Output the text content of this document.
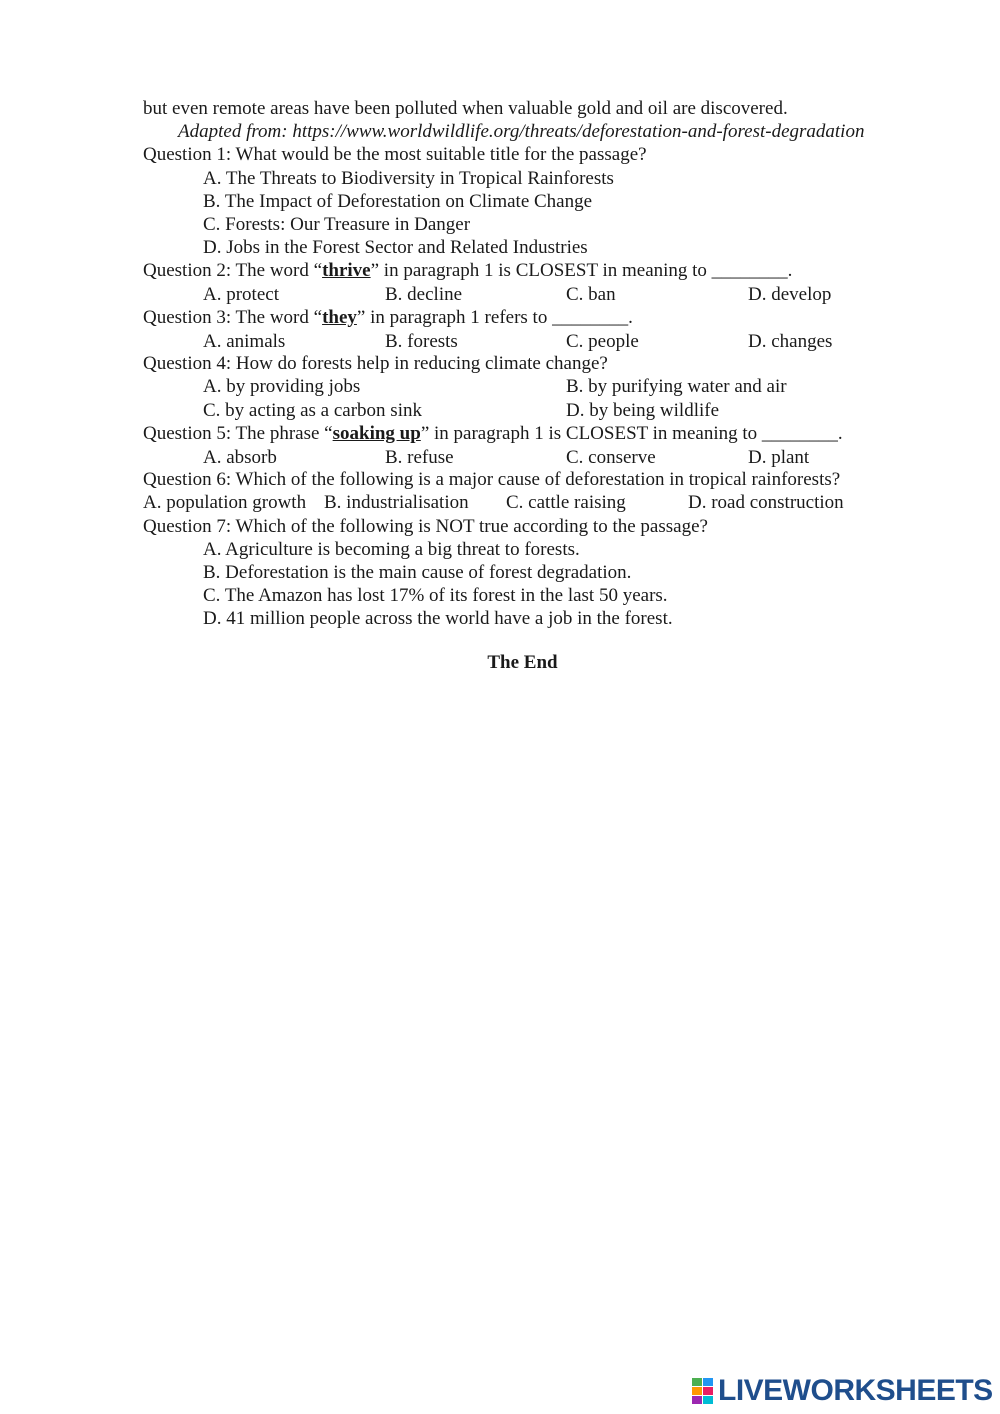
but even remote areas have been polluted when valuable gold and oil are discovered.
Adapted from: https://www.worldwildlife.org/threats/deforestation-and-forest-degradation
Question 1: What would be the most suitable title for the passage?
A. The Threats to Biodiversity in Tropical Rainforests
B. The Impact of Deforestation on Climate Change
C. Forests: Our Treasure in Danger
D. Jobs in the Forest Sector and Related Industries
Question 2: The word “thrive” in paragraph 1 is CLOSEST in meaning to ________.
A. protect	B. decline	C. ban	D. develop
Question 3: The word “they” in paragraph 1 refers to ________.
A. animals	B. forests	C. people	D. changes
Question 4: How do forests help in reducing climate change?
A. by providing jobs	B. by purifying water and air
C. by acting as a carbon sink	D. by being wildlife
Question 5: The phrase “soaking up” in paragraph 1 is CLOSEST in meaning to ________.
A. absorb	B. refuse	C. conserve	D. plant
Question 6: Which of the following is a major cause of deforestation in tropical rainforests?
A. population growth B. industrialisation C. cattle raising	D. road construction
Question 7: Which of the following is NOT true according to the passage?
A. Agriculture is becoming a big threat to forests.
B. Deforestation is the main cause of forest degradation.
C. The Amazon has lost 17% of its forest in the last 50 years.
D. 41 million people across the world have a job in the forest.
The End
LIVEWORKSHEETS
